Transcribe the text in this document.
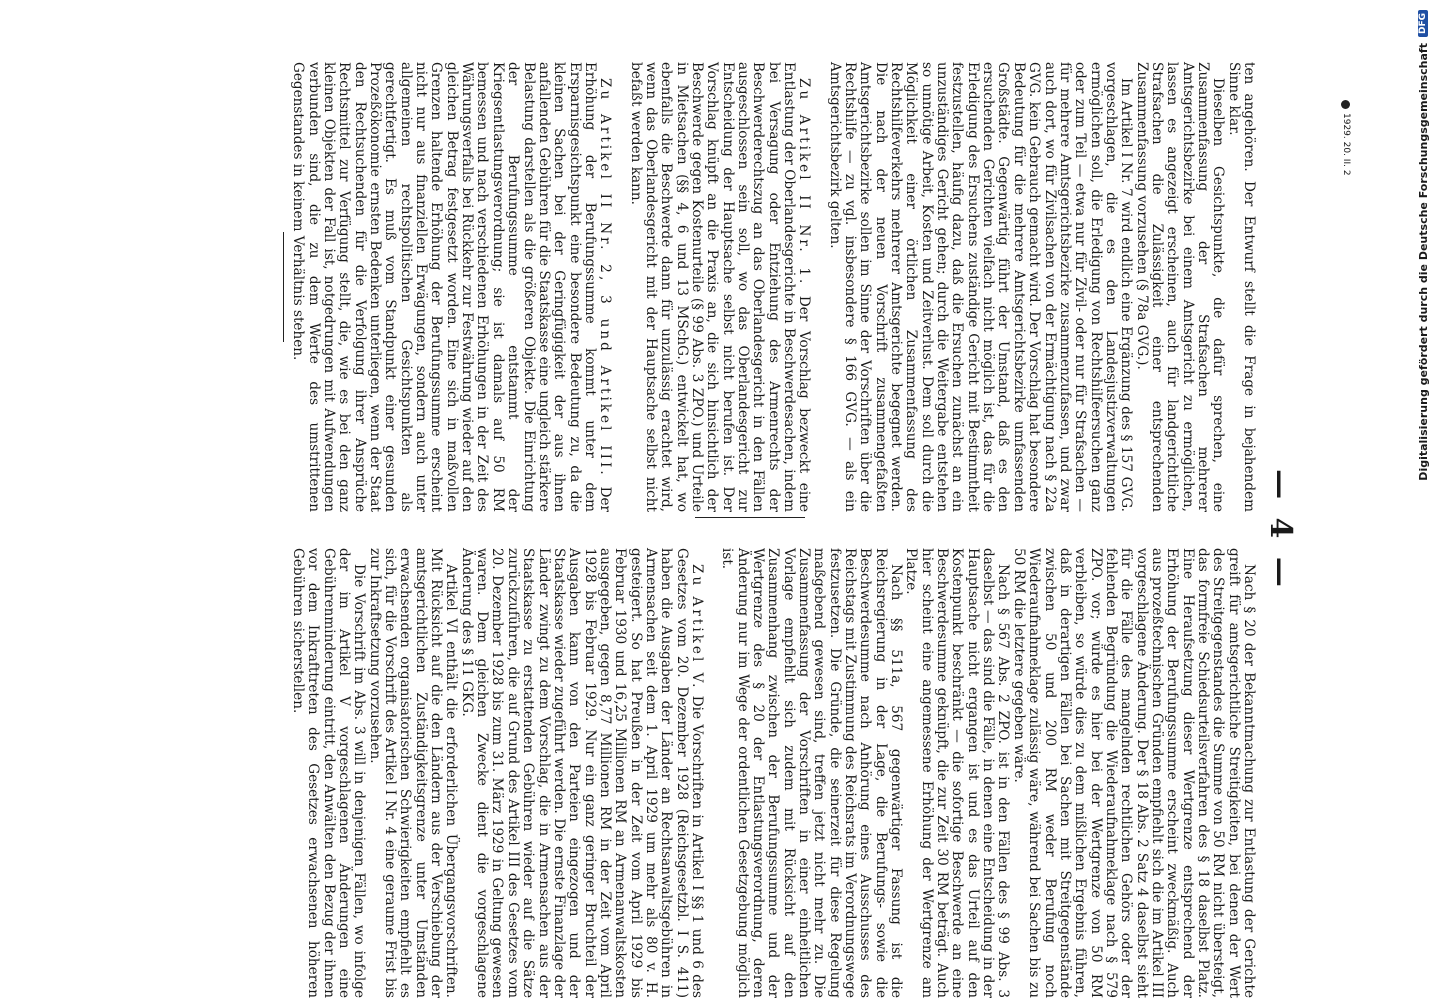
— 4 —

ten angehören. Der Entwurf stellt die Frage in bejahendem Sinne klar.

Dieselben Gesichtspunkte, die dafür sprechen, eine Zusammenfassung der Strafsachen mehrerer Amtsgerichtsbezirke bei einem Amtsgericht zu ermöglichen, lassen es angezeigt erscheinen, auch für landgerichtliche Strafsachen die Zulässigkeit einer entsprechenden Zusammenfassung vorzusehen (§ 78a GVG.).

Im Artikel I Nr. 7 wird endlich eine Ergänzung des § 157 GVG. vorgeschlagen, die es den Landesjustizverwaltungen ermöglichen soll, die Erledigung von Rechtshilfeersuchen ganz oder zum Teil — etwa nur für Zivil- oder nur für Strafsachen — für mehrere Amtsgerichtsbezirke zusammenzufassen, und zwar auch dort, wo für Zivilsachen von der Ermächtigung nach § 22a GVG. kein Gebrauch gemacht wird. Der Vorschlag hat besondere Bedeutung für die mehrere Amtsgerichtsbezirke umfassenden Großstädte. Gegenwärtig führt der Umstand, daß es den ersuchenden Gerichten vielfach nicht möglich ist, das für die Erledigung des Ersuchens zuständige Gericht mit Bestimmtheit festzustellen, häufig dazu, daß die Ersuchen zunächst an ein unzuständiges Gericht gehen; durch die Weitergabe entstehen so unnötige Arbeit, Kosten und Zeitverlust. Dem soll durch die Möglichkeit einer örtlichen Zusammenfassung des Rechtshilfeverkehrs mehrerer Amtsgerichte begegnet werden. Die nach der neuen Vorschrift zusammengefaßten Amtsgerichtsbezirke sollen im Sinne der Vorschriften über die Rechtshilfe — zu vgl. insbesondere § 166 GVG. — als ein Amtsgerichtsbezirk gelten.

Zu Artikel II Nr. 1. Der Vorschlag bezweckt eine Entlastung der Oberlandesgerichte in Beschwerdesachen, indem bei Versagung oder Entziehung des Armenrechts der Beschwerderechtszug an das Oberlandesgericht in den Fällen ausgeschlossen sein soll, wo das Oberlandesgericht zur Entscheidung der Hauptsache selbst nicht berufen ist. Der Vorschlag knüpft an die Praxis an, die sich hinsichtlich der Beschwerde gegen Kostenurteile (§ 99 Abs. 3 ZPO.) und Urteile in Mietsachen (§§ 4, 6 und 13 MSchG.) entwickelt hat, wo ebenfalls die Beschwerde dann für unzulässig erachtet wird, wenn das Oberlandesgericht mit der Hauptsache selbst nicht befaßt werden kann.

Zu Artikel II Nr. 2, 3 und Artikel III. Der Erhöhung der Berufungssumme kommt unter dem Ersparnisgesichtspunkt eine besondere Bedeutung zu, da die kleinen Sachen bei der Geringfügigkeit der aus ihnen anfallenden Gebühren für die Staatskasse eine ungleich stärkere Belastung darstellen als die größeren Objekte. Die Einrichtung der Berufungssumme entstammt der Kriegsentlastungsverordnung; sie ist damals auf 50 RM bemessen und nach verschiedenen Erhöhungen in der Zeit des Währungsverfalls bei Rückkehr zur Festwährung wieder auf den gleichen Betrag festgesetzt worden. Eine sich in maßvollen Grenzen haltende Erhöhung der Berufungssumme erscheint nicht nur aus finanziellen Erwägungen, sondern auch unter allgemeinen rechtspolitischen Gesichtspunkten als gerechtfertigt. Es muß vom Standpunkt einer gesunden Prozeßökonomie ernsten Bedenken unterliegen, wenn der Staat den Rechtsuchenden für die Verfolgung ihrer Ansprüche Rechtsmittel zur Verfügung stellt, die, wie es bei den ganz kleinen Objekten der Fall ist, notgedrungen mit Aufwendungen verbunden sind, die zu dem Werte des umstrittenen Gegenstandes in keinem Verhältnis stehen.

Nach § 20 der Bekanntmachung zur Entlastung der Gerichte greift für amtsgerichtliche Streitigkeiten, bei denen der Wert des Streitgegenstandes die Summe von 50 RM nicht übersteigt, das formfreie Schiedsurteilsverfahren des § 18 daselbst Platz. Eine Heraufsetzung dieser Wertgrenze entsprechend der Erhöhung der Berufungssumme erscheint zweckmäßig. Auch aus prozeßtechnischen Gründen empfiehlt sich die im Artikel III vorgeschlagene Änderung. Der § 18 Abs. 2 Satz 4 daselbst sieht für die Fälle des mangelnden rechtlichen Gehörs oder der fehlenden Begründung die Wiederaufnahmeklage nach § 579 ZPO. vor; würde es hier bei der Wertgrenze von 50 RM verbleiben, so würde dies zu dem mißlichen Ergebnis führen, daß in derartigen Fällen bei Sachen mit Streitgegenstände zwischen 50 und 200 RM weder Berufung noch Wiederaufnahmeklage zulässig wäre, während bei Sachen bis zu 50 RM die letztere gegeben wäre.

Nach § 567 Abs. 2 ZPO. ist in den Fällen des § 99 Abs. 3 daselbst — das sind die Fälle, in denen eine Entscheidung in der Hauptsache nicht ergangen ist und es das Urteil auf den Kostenpunkt beschränkt — die sofortige Beschwerde an eine Beschwerdesumme geknüpft, die zur Zeit 30 RM beträgt. Auch hier scheint eine angemessene Erhöhung der Wertgrenze am Platze.

Nach §§ 511a, 567 gegenwärtiger Fassung ist die Reichsregierung in der Lage, die Berufungs- sowie die Beschwerdesumme nach Anhörung eines Ausschusses des Reichstags mit Zustimmung des Reichsrats im Verordnungswege festzusetzen. Die Gründe, die seinerzeit für diese Regelung maßgebend gewesen sind, treffen jetzt nicht mehr zu. Die Zusammenfassung der Vorschriften in einer einheitlichen Vorlage empfiehlt sich zudem mit Rücksicht auf den Zusammenhang zwischen der Berufungssumme und der Wertgrenze des § 20 der Entlastungsverordnung, deren Änderung nur im Wege der ordentlichen Gesetzgebung möglich ist.

Zu Artikel V. Die Vorschriften in Artikel I §§ 1 und 6 des Gesetzes vom 20. Dezember 1928 (Reichsgesetzbl. I S. 411) haben die Ausgaben der Länder an Rechtsanwaltsgebühren in Armensachen seit dem 1. April 1929 um mehr als 80 v. H. gesteigert. So hat Preußen in der Zeit vom April 1929 bis Februar 1930 und 16,25 Millionen RM an Armenanwaltskosten ausgegeben, gegen 8,77 Millionen RM in der Zeit vom April 1928 bis Februar 1929. Nur ein ganz geringer Bruchteil der Ausgaben kann von den Parteien eingezogen und der Staatskasse wieder zugeführt werden. Die ernste Finanzlage der Länder zwingt zu dem Vorschlag, die in Armensachen aus der Staatskasse zu erstattenden Gebühren wieder auf die Sätze zurückzuführen, die auf Grund des Artikel III des Gesetzes vom 20. Dezember 1928 bis zum 31. März 1929 in Geltung gewesen waren. Dem gleichen Zwecke dient die vorgeschlagene Änderung des § 11 GKG.

Artikel VI enthält die erforderlichen Übergangsvorschriften. Mit Rücksicht auf die den Ländern aus der Verschiebung der amtsgerichtlichen Zuständigkeitsgrenze unter Umständen erwachsenden organisatorischen Schwierigkeiten empfiehlt es sich, für die Vorschrift des Artikel I Nr. 4 eine geraume Frist bis zur Inkraftsetzung vorzusehen.

Die Vorschrift im Abs. 3 will in denjenigen Fällen, wo infolge der im Artikel V vorgeschlagenen Änderungen eine Gebührenminderung eintritt, den Anwälten den Bezug der ihnen vor dem Inkrafttreten des Gesetzes erwachsenen höheren Gebühren sicherstellen.

1929. 20. II. 2	Digitalisierung gefördert durch die Deutsche Forschungsgemeinschaft
DFG
